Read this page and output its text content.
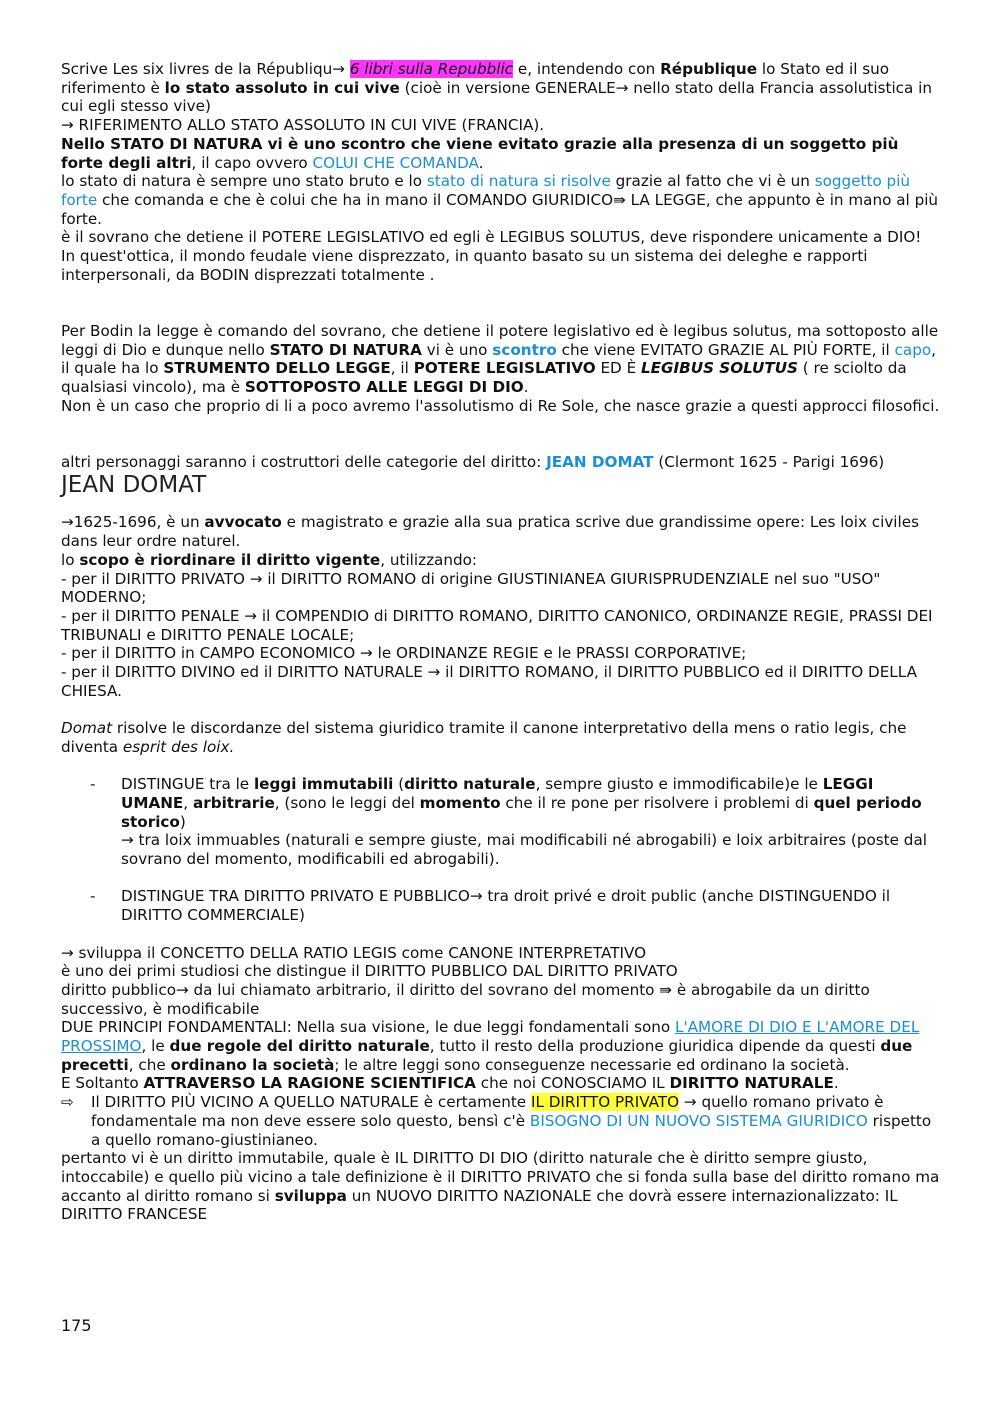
Scrive Les six livres de la Républiqu→ 6 libri sulla Repubblic e, intendendo con République lo Stato ed il suo riferimento è lo stato assoluto in cui vive (cioè in versione GENERALE→ nello stato della Francia assolutistica in cui egli stesso vive)

→ RIFERIMENTO ALLO STATO ASSOLUTO IN CUI VIVE (FRANCIA).

Nello STATO DI NATURA vi è uno scontro che viene evitato grazie alla presenza di un soggetto più forte degli altri, il capo ovvero COLUI CHE COMANDA.

lo stato di natura è sempre uno stato bruto e lo stato di natura si risolve grazie al fatto che vi è un soggetto più forte che comanda e che è colui che ha in mano il COMANDO GIURIDICO⇛ LA LEGGE, che appunto è in mano al più forte.

è il sovrano che detiene il POTERE LEGISLATIVO ed egli è LEGIBUS SOLUTUS, deve rispondere unicamente a DIO!

In quest'ottica, il mondo feudale viene disprezzato, in quanto basato su un sistema dei deleghe e rapporti interpersonali, da BODIN disprezzati totalmente .

Per Bodin la legge è comando del sovrano, che detiene il potere legislativo ed è legibus solutus, ma sottoposto alle leggi di Dio e dunque nello STATO DI NATURA vi è uno scontro che viene EVITATO GRAZIE AL PIÙ FORTE, il capo, il quale ha lo STRUMENTO DELLO LEGGE, il POTERE LEGISLATIVO ED È LEGIBUS SOLUTUS ( re sciolto da qualsiasi vincolo), ma è SOTTOPOSTO ALLE LEGGI DI DIO.

Non è un caso che proprio di li a poco avremo l'assolutismo di Re Sole, che nasce grazie a questi approcci filosofici.

altri personaggi saranno i costruttori delle categorie del diritto: JEAN DOMAT (Clermont 1625 - Parigi 1696)

JEAN DOMAT

→1625-1696, è un avvocato e magistrato e grazie alla sua pratica scrive due grandissime opere: Les loix civiles dans leur ordre naturel.

lo scopo è riordinare il diritto vigente, utilizzando:

- per il DIRITTO PRIVATO → il DIRITTO ROMANO di origine GIUSTINIANEA GIURISPRUDENZIALE nel suo "USO" MODERNO;

- per il DIRITTO PENALE → il COMPENDIO di DIRITTO ROMANO, DIRITTO CANONICO, ORDINANZE REGIE, PRASSI DEI TRIBUNALI e DIRITTO PENALE LOCALE;

- per il DIRITTO in CAMPO ECONOMICO → le ORDINANZE REGIE e le PRASSI CORPORATIVE;

- per il DIRITTO DIVINO ed il DIRITTO NATURALE → il DIRITTO ROMANO, il DIRITTO PUBBLICO ed il DIRITTO DELLA CHIESA.

Domat risolve le discordanze del sistema giuridico tramite il canone interpretativo della mens o ratio legis, che diventa esprit des loix.

- DISTINGUE tra le leggi immutabili (diritto naturale, sempre giusto e immodificabile)e le LEGGI UMANE, arbitrarie, (sono le leggi del momento che il re pone per risolvere i problemi di quel periodo storico)
→ tra loix immuables (naturali e sempre giuste, mai modificabili né abrogabili) e loix arbitraires (poste dal sovrano del momento, modificabili ed abrogabili).
- DISTINGUE TRA DIRITTO PRIVATO E PUBBLICO→ tra droit privé e droit public (anche DISTINGUENDO il DIRITTO COMMERCIALE)

→ sviluppa il CONCETTO DELLA RATIO LEGIS come CANONE INTERPRETATIVO

è uno dei primi studiosi che distingue il DIRITTO PUBBLICO DAL DIRITTO PRIVATO

diritto pubblico→ da lui chiamato arbitrario, il diritto del sovrano del momento ⇛ è abrogabile da un diritto successivo, è modificabile

DUE PRINCIPI FONDAMENTALI: Nella sua visione, le due leggi fondamentali sono L'AMORE DI DIO E L'AMORE DEL PROSSIMO, le due regole del diritto naturale, tutto il resto della produzione giuridica dipende da questi due precetti, che ordinano la società; le altre leggi sono conseguenze necessarie ed ordinano la società.

E Soltanto ATTRAVERSO LA RAGIONE SCIENTIFICA che noi CONOSCIAMO IL DIRITTO NATURALE.

⇨ Il DIRITTO PIÙ VICINO A QUELLO NATURALE è certamente IL DIRITTO PRIVATO → quello romano privato è fondamentale ma non deve essere solo questo, bensì c'è BISOGNO DI UN NUOVO SISTEMA GIURIDICO rispetto a quello romano-giustinianeo.

pertanto vi è un diritto immutabile, quale è IL DIRITTO DI DIO (diritto naturale che è diritto sempre giusto, intoccabile) e quello più vicino a tale definizione è il DIRITTO PRIVATO che si fonda sulla base del diritto romano ma accanto al diritto romano si sviluppa un NUOVO DIRITTO NAZIONALE che dovrà essere internazionalizzato: IL DIRITTO FRANCESE

175
